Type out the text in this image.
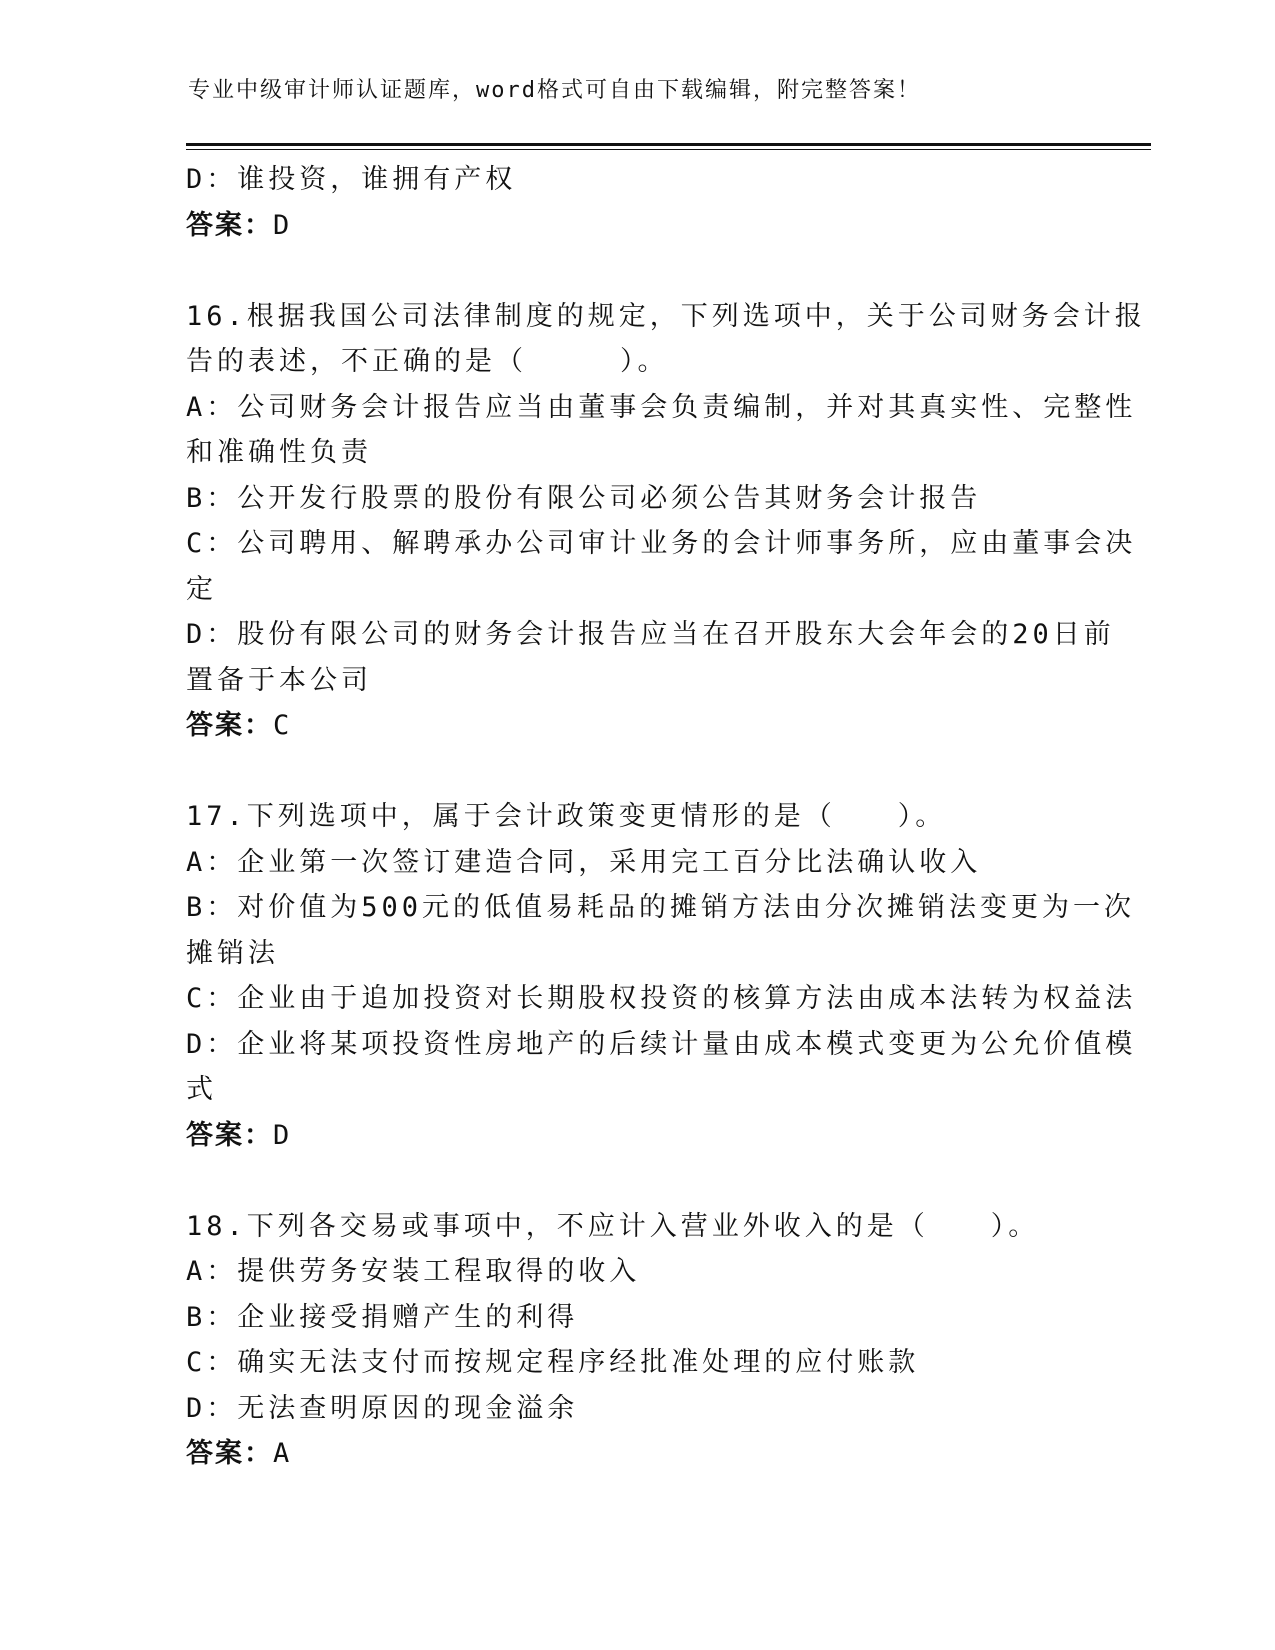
专业中级审计师认证题库，word格式可自由下载编辑，附完整答案！

D：谁投资，谁拥有产权

答案：D

16.根据我国公司法律制度的规定，下列选项中，关于公司财务会计报

告的表述，不正确的是（　　　）。

A：公司财务会计报告应当由董事会负责编制，并对其真实性、完整性

和准确性负责

B：公开发行股票的股份有限公司必须公告其财务会计报告

C：公司聘用、解聘承办公司审计业务的会计师事务所，应由董事会决

定

D：股份有限公司的财务会计报告应当在召开股东大会年会的20日前

置备于本公司

答案：C

17.下列选项中，属于会计政策变更情形的是（　　）。

A：企业第一次签订建造合同，采用完工百分比法确认收入

B：对价值为500元的低值易耗品的摊销方法由分次摊销法变更为一次

摊销法

C：企业由于追加投资对长期股权投资的核算方法由成本法转为权益法

D：企业将某项投资性房地产的后续计量由成本模式变更为公允价值模

式

答案：D

18.下列各交易或事项中，不应计入营业外收入的是（　　）。

A：提供劳务安装工程取得的收入

B：企业接受捐赠产生的利得

C：确实无法支付而按规定程序经批准处理的应付账款

D：无法查明原因的现金溢余

答案：A
